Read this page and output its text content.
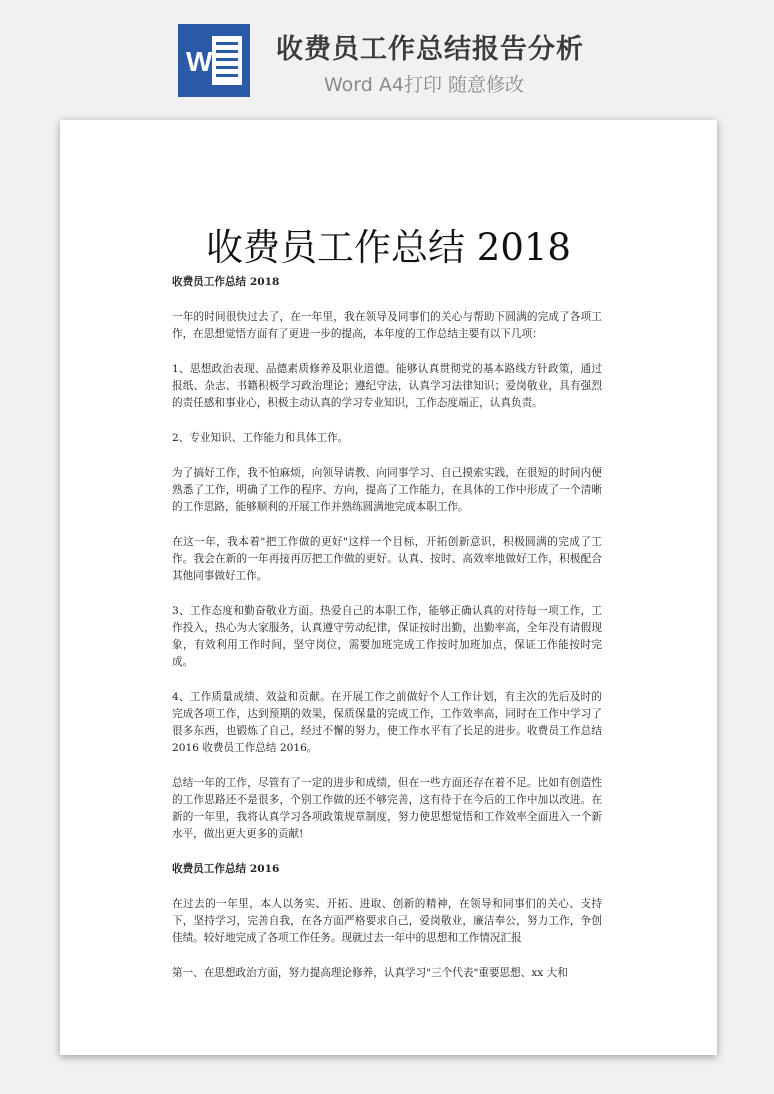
W 收费员工作总结报告分析
Word A4打印 随意修改
收费员工作总结 2018

收费员工作总结 2018

一年的时间很快过去了，在一年里，我在领导及同事们的关心与帮助下圆满的完成了各项工作，在思想觉悟方面有了更进一步的提高，本年度的工作总结主要有以下几项：

1、思想政治表现、品德素质修养及职业道德。能够认真贯彻党的基本路线方针政策，通过报纸、杂志、书籍积极学习政治理论；遵纪守法，认真学习法律知识；爱岗敬业，具有强烈的责任感和事业心，积极主动认真的学习专业知识，工作态度端正，认真负责。

2、专业知识、工作能力和具体工作。

为了搞好工作，我不怕麻烦，向领导请教、向同事学习、自己摸索实践，在很短的时间内便熟悉了工作，明确了工作的程序、方向，提高了工作能力，在具体的工作中形成了一个清晰的工作思路，能够顺利的开展工作并熟练圆满地完成本职工作。

在这一年，我本着"把工作做的更好"这样一个目标，开拓创新意识，积极圆满的完成了工作。我会在新的一年再接再厉把工作做的更好。认真、按时、高效率地做好工作，积极配合其他同事做好工作。

3、工作态度和勤奋敬业方面。热爱自己的本职工作，能够正确认真的对待每一项工作，工作投入，热心为大家服务，认真遵守劳动纪律，保证按时出勤，出勤率高，全年没有请假现象，有效利用工作时间，坚守岗位，需要加班完成工作按时加班加点，保证工作能按时完成。

4、工作质量成绩、效益和贡献。在开展工作之前做好个人工作计划，有主次的先后及时的完成各项工作，达到预期的效果，保质保量的完成工作，工作效率高，同时在工作中学习了很多东西，也锻炼了自己，经过不懈的努力，使工作水平有了长足的进步。收费员工作总结 2016 收费员工作总结 2016。

总结一年的工作，尽管有了一定的进步和成绩，但在一些方面还存在着不足。比如有创造性的工作思路还不是很多，个别工作做的还不够完善，这有待于在今后的工作中加以改进。在新的一年里，我将认真学习各项政策规章制度，努力使思想觉悟和工作效率全面进入一个新水平，做出更大更多的贡献!

收费员工作总结 2016

在过去的一年里，本人以务实、开拓、进取、创新的精神，在领导和同事们的关心、支持下，坚持学习，完善自我，在各方面严格要求自己，爱岗敬业，廉洁奉公，努力工作，争创佳绩。较好地完成了各项工作任务。现就过去一年中的思想和工作情况汇报

第一、在思想政治方面，努力提高理论修养，认真学习"三个代表"重要思想、xx 大和
